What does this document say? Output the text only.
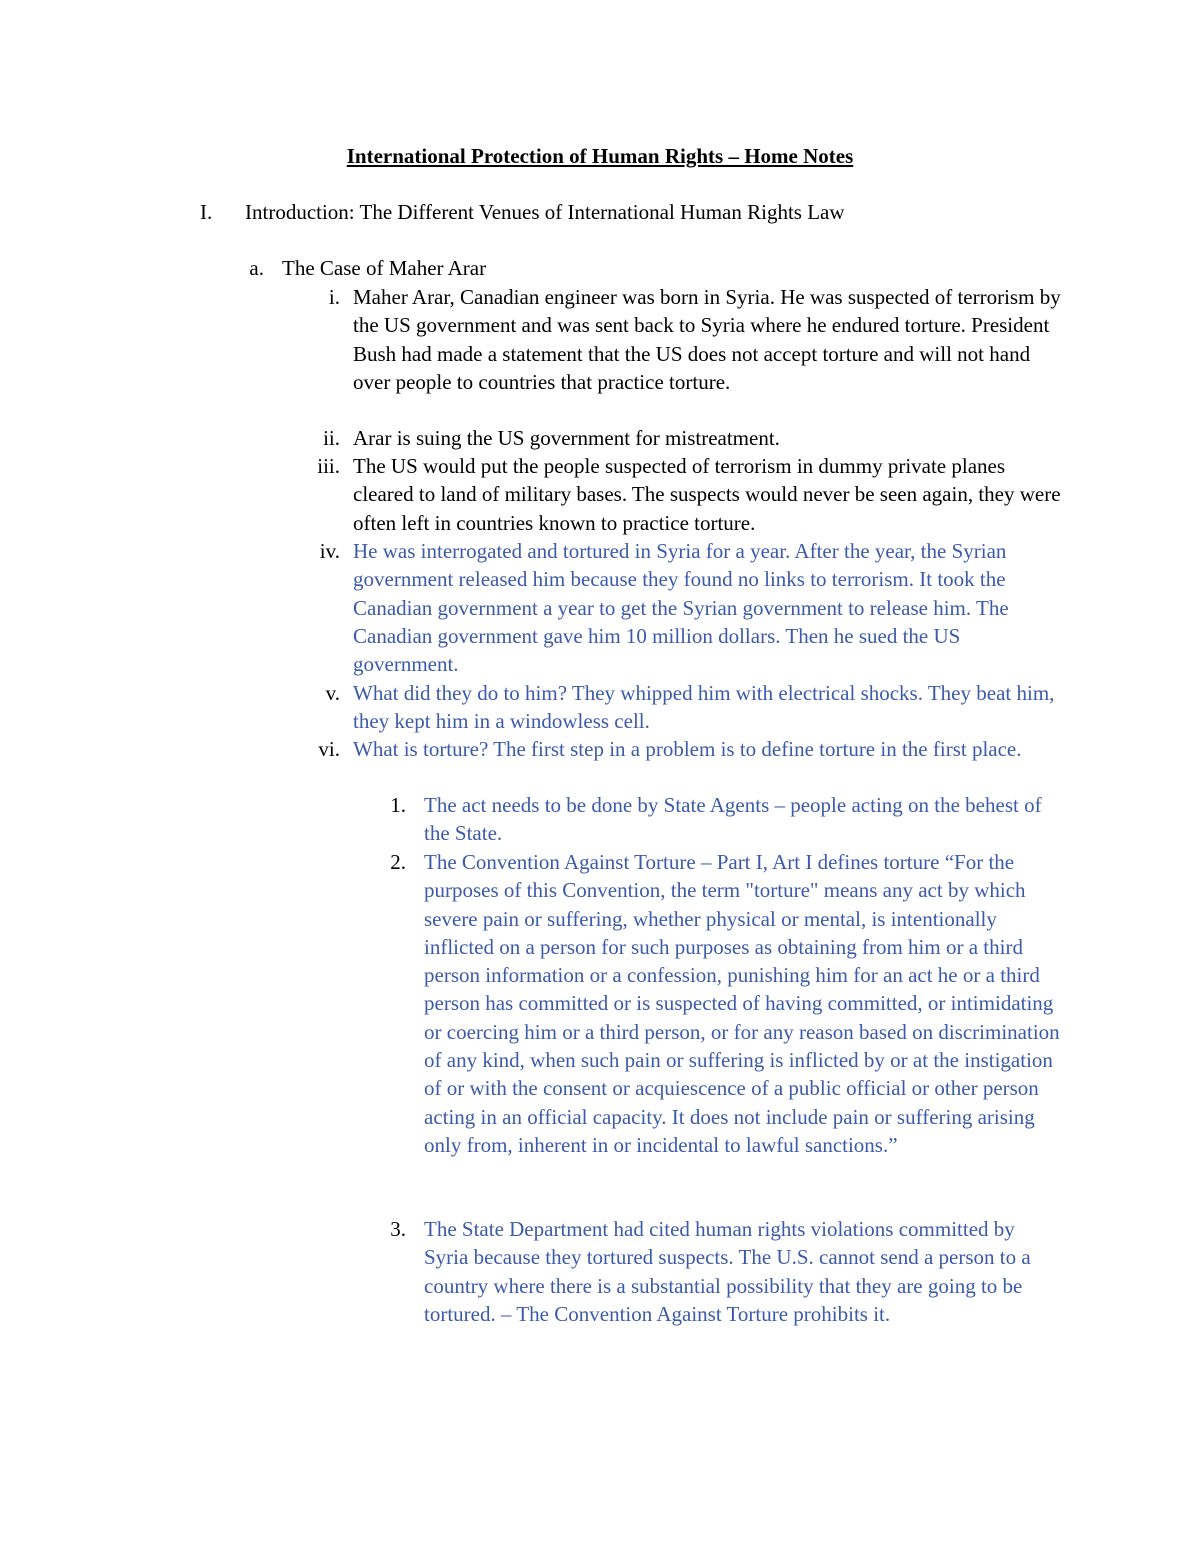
International Protection of Human Rights – Home Notes
I.	Introduction: The Different Venues of International Human Rights Law
a. The Case of Maher Arar
i. Maher Arar, Canadian engineer was born in Syria. He was suspected of terrorism by the US government and was sent back to Syria where he endured torture. President Bush had made a statement that the US does not accept torture and will not hand over people to countries that practice torture.
ii. Arar is suing the US government for mistreatment.
iii. The US would put the people suspected of terrorism in dummy private planes cleared to land of military bases. The suspects would never be seen again, they were often left in countries known to practice torture.
iv. He was interrogated and tortured in Syria for a year. After the year, the Syrian government released him because they found no links to terrorism. It took the Canadian government a year to get the Syrian government to release him. The Canadian government gave him 10 million dollars. Then he sued the US government.
v. What did they do to him? They whipped him with electrical shocks. They beat him, they kept him in a windowless cell.
vi. What is torture? The first step in a problem is to define torture in the first place.
1. The act needs to be done by State Agents – people acting on the behest of the State.
2. The Convention Against Torture – Part I, Art I defines torture “For the purposes of this Convention, the term "torture" means any act by which severe pain or suffering, whether physical or mental, is intentionally inflicted on a person for such purposes as obtaining from him or a third person information or a confession, punishing him for an act he or a third person has committed or is suspected of having committed, or intimidating or coercing him or a third person, or for any reason based on discrimination of any kind, when such pain or suffering is inflicted by or at the instigation of or with the consent or acquiescence of a public official or other person acting in an official capacity. It does not include pain or suffering arising only from, inherent in or incidental to lawful sanctions.”
3. The State Department had cited human rights violations committed by Syria because they tortured suspects. The U.S. cannot send a person to a country where there is a substantial possibility that they are going to be tortured. – The Convention Against Torture prohibits it.
